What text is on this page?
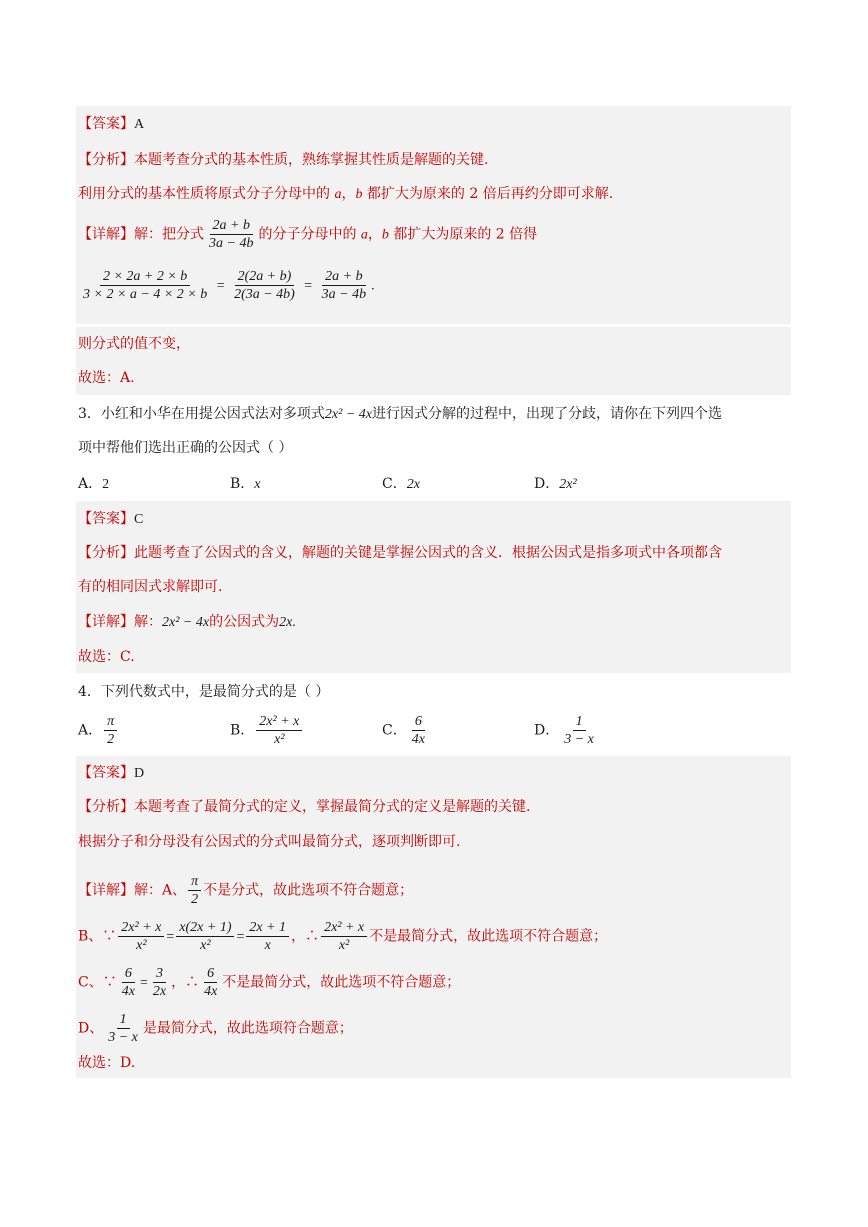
【答案】A
【分析】本题考查分式的基本性质，熟练掌握其性质是解题的关键.
利用分式的基本性质将原式分子分母中的 a，b 都扩大为原来的 2 倍后再约分即可求解.
【详解】解：把分式 $\frac{2a + b}{3a - 4b}$ 的分子分母中的 a，b 都扩大为原来的 2 倍得
$\frac{2 \times 2a + 2 \times b}{3 \times 2 \times a - 4 \times 2 \times b} = \frac{2(2a + b)}{2(3a - 4b)} = \frac{2a + b}{3a - 4b}$ .
则分式的值不变，
故选：A.
3．小红和小华在用提公因式法对多项式2x² − 4x进行因式分解的过程中，出现了分歧，请你在下列四个选
项中帮他们选出正确的公因式（ ）
A．2	B．x	C．2x	D．2x²
【答案】C
【分析】此题考查了公因式的含义，解题的关键是掌握公因式的含义．根据公因式是指多项式中各项都含
有的相同因式求解即可.
【详解】解：2x² − 4x的公因式为2x.
故选：C.
4．下列代数式中，是最简分式的是（ ）
A． $\frac{\pi}{2}$	B． $\frac{\text{2x² + x}}{\text{x²}}$	C． $\frac{6}{4x}$	D． $\frac{1}{3 - x}$
【答案】D
【分析】本题考查了最简分式的定义，掌握最简分式的定义是解题的关键.
根据分子和分母没有公因式的分式叫最简分式，逐项判断即可.
【详解】解：A、 $\frac{\pi}{2}$ 不是分式，故此选项不符合题意；
B、∵ $\frac{\text{2x² + x}}{\text{x²}} = \frac{x(2x + 1)}{\text{x²}} = \frac{2x + 1}{x}$ ，∴ $\frac{\text{2x² + x}}{\text{x²}}$ 不是最简分式，故此选项不符合题意；
C、∵ $\frac{6}{4x} = \frac{3}{2x}$ ，∴ $\frac{6}{4x}$ 不是最简分式，故此选项不符合题意；
D、 $\frac{1}{3 - x}$ 是最简分式，故此选项符合题意；
故选：D.
